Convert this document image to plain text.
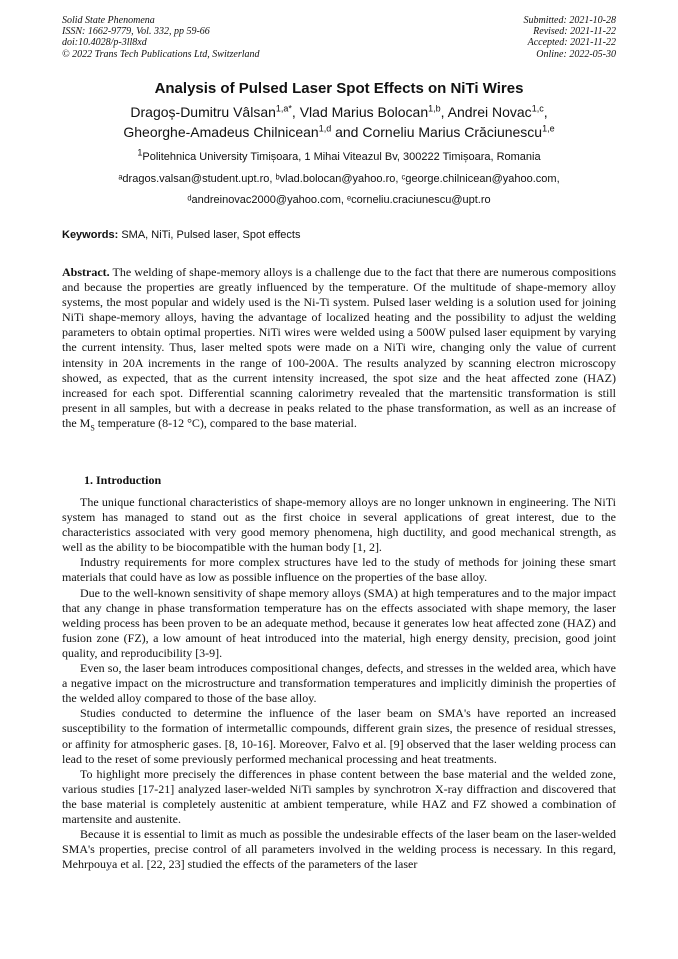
Solid State Phenomena
ISSN: 1662-9779, Vol. 332, pp 59-66
doi:10.4028/p-3ll8xd
© 2022 Trans Tech Publications Ltd, Switzerland
Submitted: 2021-10-28
Revised: 2021-11-22
Accepted: 2021-11-22
Online: 2022-05-30
Analysis of Pulsed Laser Spot Effects on NiTi Wires
Dragoș-Dumitru Vâlsan$^{1,a*}$, Vlad Marius Bolocan$^{1,b}$, Andrei Novac$^{1,c}$,
Gheorghe-Amadeus Chilnicean$^{1,d}$ and Corneliu Marius Crăciunescu$^{1,e}$
$^1$Politehnica University Timișoara, 1 Mihai Viteazul Bv, 300222 Timișoara, Romania
ᵃdragos.valsan@student.upt.ro, ᵇvlad.bolocan@yahoo.ro, ᶜgeorge.chilnicean@yahoo.com,
ᵈandreinovac2000@yahoo.com, ᵉcorneliu.craciunescu@upt.ro
Keywords: SMA, NiTi, Pulsed laser, Spot effects
Abstract. The welding of shape-memory alloys is a challenge due to the fact that there are numerous compositions and because the properties are greatly influenced by the temperature. Of the multitude of shape-memory alloy systems, the most popular and widely used is the Ni-Ti system. Pulsed laser welding is a solution used for joining NiTi shape-memory alloys, having the advantage of localized heating and the possibility to adjust the welding parameters to obtain optimal properties. NiTi wires were welded using a 500W pulsed laser equipment by varying the current intensity. Thus, laser melted spots were made on a NiTi wire, changing only the value of current intensity in 20A increments in the range of 100-200A. The results analyzed by scanning electron microscopy showed, as expected, that as the current intensity increased, the spot size and the heat affected zone (HAZ) increased for each spot. Differential scanning calorimetry revealed that the martensitic transformation is still present in all samples, but with a decrease in peaks related to the phase transformation, as well as an increase of the $M_S$ temperature (8-12 °C), compared to the base material.
1. Introduction

The unique functional characteristics of shape-memory alloys are no longer unknown in engineering. The NiTi system has managed to stand out as the first choice in several applications of great interest, due to the characteristics associated with very good memory phenomena, high ductility, and good mechanical strength, as well as the ability to be biocompatible with the human body [1, 2].

Industry requirements for more complex structures have led to the study of methods for joining these smart materials that could have as low as possible influence on the properties of the base alloy.

Due to the well-known sensitivity of shape memory alloys (SMA) at high temperatures and to the major impact that any change in phase transformation temperature has on the effects associated with shape memory, the laser welding process has been proven to be an adequate method, because it generates low heat affected zone (HAZ) and fusion zone (FZ), a low amount of heat introduced into the material, high energy density, precision, good joint quality, and reproducibility [3-9].

Even so, the laser beam introduces compositional changes, defects, and stresses in the welded area, which have a negative impact on the microstructure and transformation temperatures and implicitly diminish the properties of the welded alloy compared to those of the base alloy.

Studies conducted to determine the influence of the laser beam on SMA's have reported an increased susceptibility to the formation of intermetallic compounds, different grain sizes, the presence of residual stresses, or affinity for atmospheric gases. [8, 10-16]. Moreover, Falvo et al. [9] observed that the laser welding process can lead to the reset of some previously performed mechanical processing and heat treatments.

To highlight more precisely the differences in phase content between the base material and the welded zone, various studies [17-21] analyzed laser-welded NiTi samples by synchrotron X-ray diffraction and discovered that the base material is completely austenitic at ambient temperature, while HAZ and FZ showed a combination of martensite and austenite.

Because it is essential to limit as much as possible the undesirable effects of the laser beam on the laser-welded SMA's properties, precise control of all parameters involved in the welding process is necessary. In this regard, Mehrpouya et al. [22, 23] studied the effects of the parameters of the laser
